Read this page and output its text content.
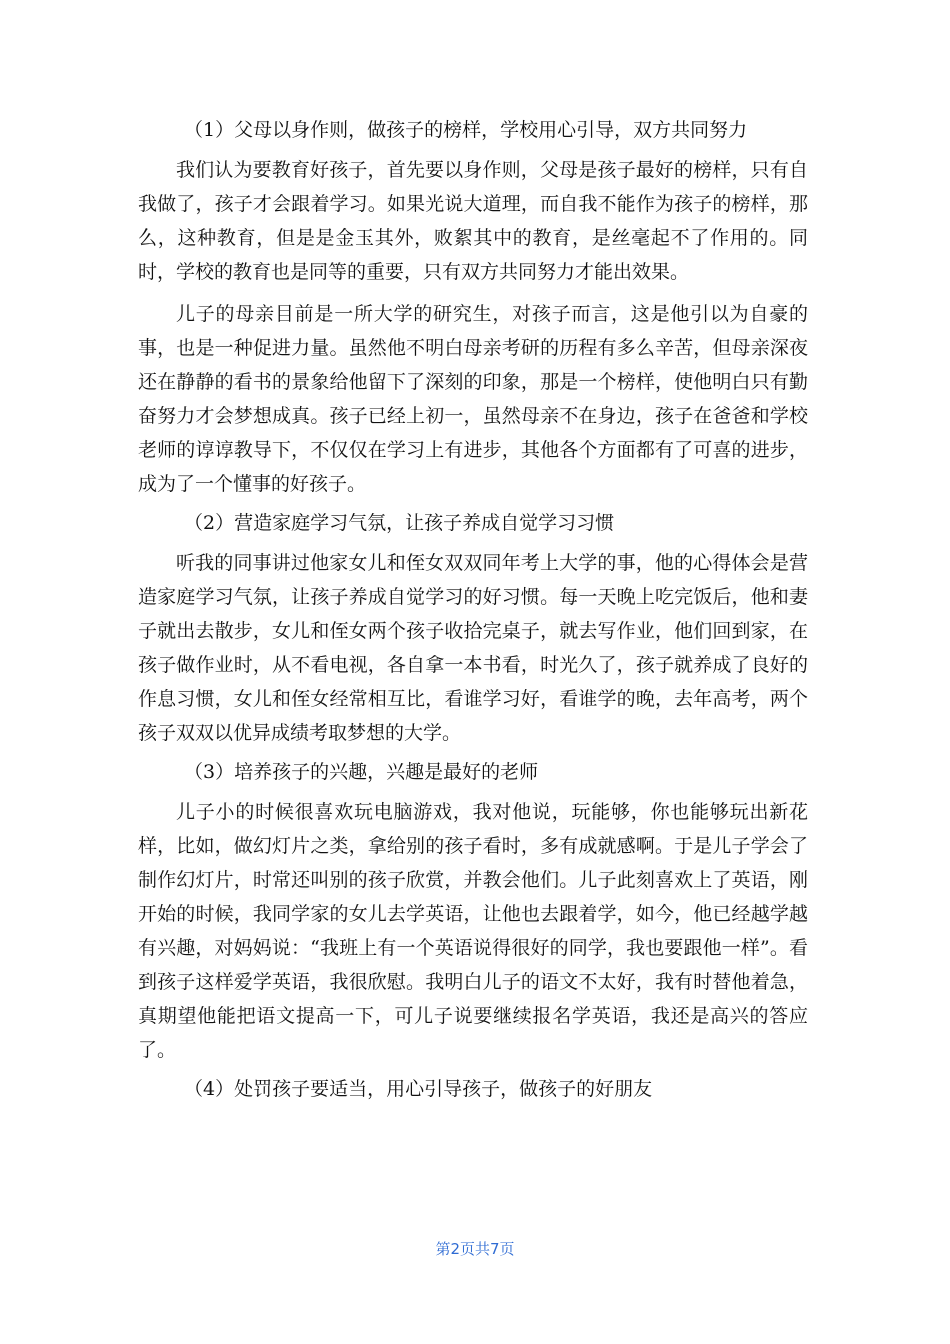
（1）父母以身作则，做孩子的榜样，学校用心引导，双方共同努力

我们认为要教育好孩子，首先要以身作则，父母是孩子最好的榜样，只有自我做了，孩子才会跟着学习。如果光说大道理，而自我不能作为孩子的榜样，那么，这种教育，但是是金玉其外，败絮其中的教育，是丝毫起不了作用的。同时，学校的教育也是同等的重要，只有双方共同努力才能出效果。

儿子的母亲目前是一所大学的研究生，对孩子而言，这是他引以为自豪的事，也是一种促进力量。虽然他不明白母亲考研的历程有多么辛苦，但母亲深夜还在静静的看书的景象给他留下了深刻的印象，那是一个榜样，使他明白只有勤奋努力才会梦想成真。孩子已经上初一，虽然母亲不在身边，孩子在爸爸和学校老师的谆谆教导下，不仅仅在学习上有进步，其他各个方面都有了可喜的进步，成为了一个懂事的好孩子。

（2）营造家庭学习气氛，让孩子养成自觉学习习惯

听我的同事讲过他家女儿和侄女双双同年考上大学的事，他的心得体会是营造家庭学习气氛，让孩子养成自觉学习的好习惯。每一天晚上吃完饭后，他和妻子就出去散步，女儿和侄女两个孩子收拾完桌子，就去写作业，他们回到家，在孩子做作业时，从不看电视，各自拿一本书看，时光久了，孩子就养成了良好的作息习惯，女儿和侄女经常相互比，看谁学习好，看谁学的晚，去年高考，两个孩子双双以优异成绩考取梦想的大学。

（3）培养孩子的兴趣，兴趣是最好的老师

儿子小的时候很喜欢玩电脑游戏，我对他说，玩能够，你也能够玩出新花样，比如，做幻灯片之类，拿给别的孩子看时，多有成就感啊。于是儿子学会了制作幻灯片，时常还叫别的孩子欣赏，并教会他们。儿子此刻喜欢上了英语，刚开始的时候，我同学家的女儿去学英语，让他也去跟着学，如今，他已经越学越有兴趣，对妈妈说：“我班上有一个英语说得很好的同学，我也要跟他一样”。看到孩子这样爱学英语，我很欣慰。我明白儿子的语文不太好，我有时替他着急，真期望他能把语文提高一下，可儿子说要继续报名学英语，我还是高兴的答应了。

（4）处罚孩子要适当，用心引导孩子，做孩子的好朋友
第2页共7页
